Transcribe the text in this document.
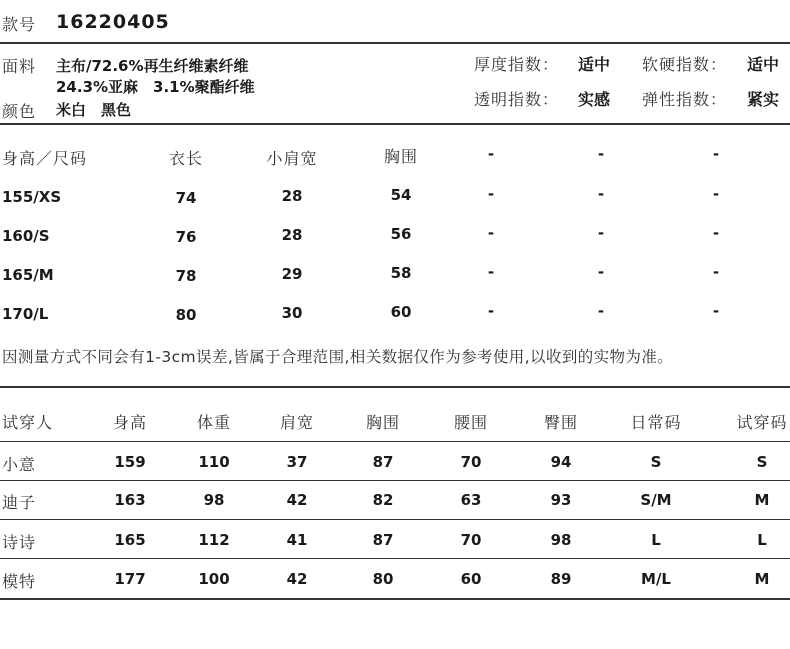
款号 16220405
面料 主布/72.6%再生纤维素纤维
24.3%亚麻　3.1%聚酯纤维
颜色 米白　黑色
厚度指数： 适中 软硬指数： 适中
透明指数： 实感 弹性指数： 紧实
身高／尺码	衣长	小肩宽	胸围	-	-	-
155/XS	74	28	54	-	-	-
160/S	76	28	56	-	-	-
165/M	78	29	58	-	-	-
170/L	80	30	60	-	-	-
因测量方式不同会有1-3cm误差,皆属于合理范围,相关数据仅作为参考使用,以收到的实物为准。
试穿人	身高	体重	肩宽	胸围	腰围	臀围	日常码	试穿码
小意	159	110	37	87	70	94	S	S
迪子	163	98	42	82	63	93	S/M	M
诗诗	165	112	41	87	70	98	L	L
模特	177	100	42	80	60	89	M/L	M
